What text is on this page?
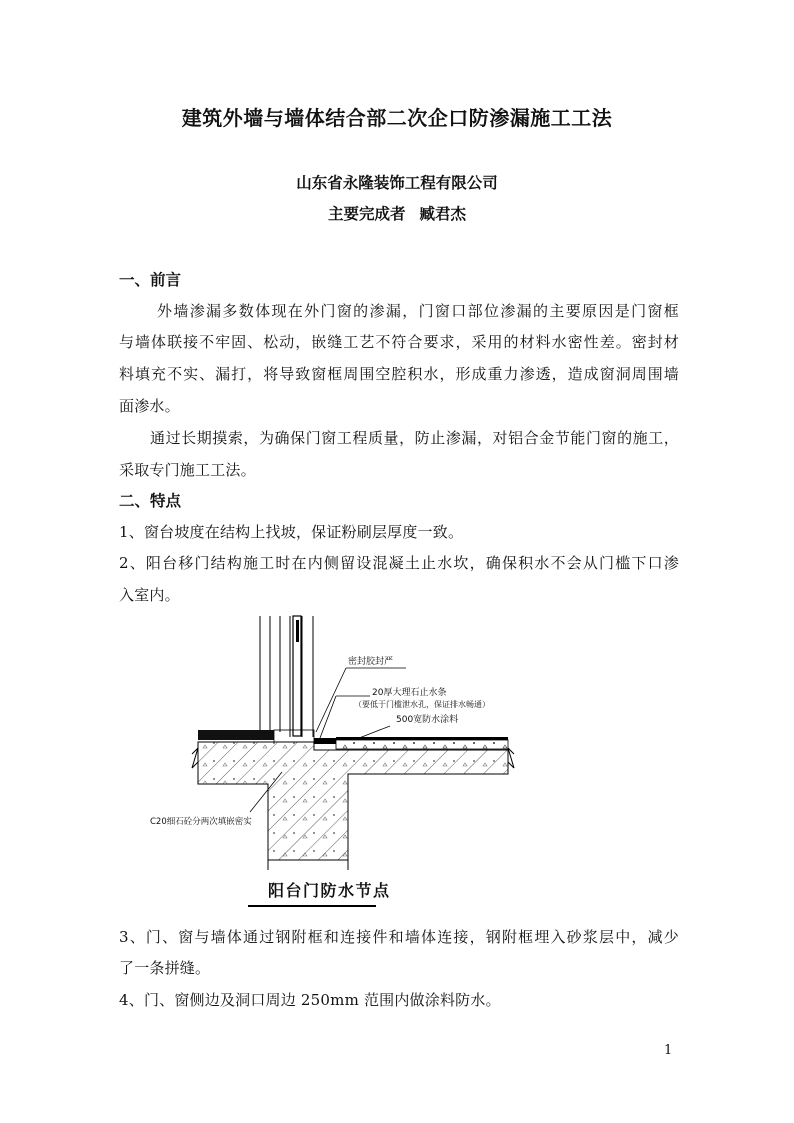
建筑外墙与墙体结合部二次企口防渗漏施工工法
山东省永隆装饰工程有限公司
主要完成者 臧君杰
一、前言
外墙渗漏多数体现在外门窗的渗漏，门窗口部位渗漏的主要原因是门窗框
与墙体联接不牢固、松动，嵌缝工艺不符合要求，采用的材料水密性差。密封材
料填充不实、漏打，将导致窗框周围空腔积水，形成重力渗透，造成窗洞周围墙
面渗水。
通过长期摸索，为确保门窗工程质量，防止渗漏，对铝合金节能门窗的施工，
采取专门施工工法。
二、特点
1、窗台坡度在结构上找坡，保证粉刷层厚度一致。
2、阳台移门结构施工时在内侧留设混凝土止水坎，确保积水不会从门槛下口渗
入室内。
密封胶封严
20厚大理石止水条
（要低于门槛泄水孔，保证排水畅通）
500宽防水涂料
C20细石砼分两次填嵌密实
阳台门防水节点
3、门、窗与墙体通过钢附框和连接件和墙体连接，钢附框埋入砂浆层中，减少
了一条拼缝。
4、门、窗侧边及洞口周边 250mm 范围内做涂料防水。
1
